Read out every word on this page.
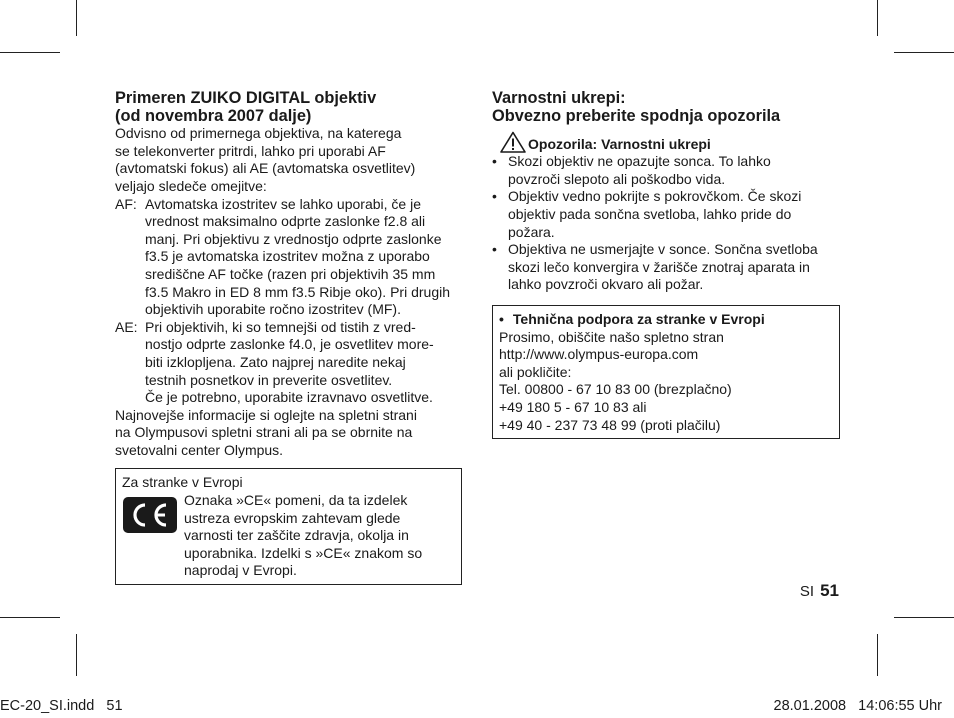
Primeren ZUIKO DIGITAL objektiv
(od novembra 2007 dalje)

Odvisno od primernega objektiva, na katerega
se telekonverter pritrdi, lahko pri uporabi AF
(avtomatski fokus) ali AE (avtomatska osvetlitev)
veljajo sledeče omejitve:

AF: Avtomatska izostritev se lahko uporabi, če je
vrednost maksimalno odprte zaslonke f2.8 ali
manj. Pri objektivu z vrednostjo odprte zaslonke
f3.5 je avtomatska izostritev možna z uporabo
središčne AF točke (razen pri objektivih 35 mm
f3.5 Makro in ED 8 mm f3.5 Ribje oko). Pri drugih
objektivih uporabite ročno izostritev (MF).
AE: Pri objektivih, ki so temnejši od tistih z vred-
nostjo odprte zaslonke f4.0, je osvetlitev more-
biti izklopljena. Zato najprej naredite nekaj
testnih posnetkov in preverite osvetlitev.
Če je potrebno, uporabite izravnavo osvetlitve.

Najnovejše informacije si oglejte na spletni strani
na Olympusovi spletni strani ali pa se obrnite na
svetovalni center Olympus.

Za stranke v Evropi

Oznaka »CE« pomeni, da ta izdelek
ustreza evropskim zahtevam glede
varnosti ter zaščite zdravja, okolja in
uporabnika. Izdelki s »CE« znakom so
naprodaj v Evropi.

Varnostni ukrepi:
Obvezno preberite spodnja opozorila
Opozorila: Varnostni ukrepi
• Skozi objektiv ne opazujte sonca. To lahko
povzroči slepoto ali poškodbo vida.
• Objektiv vedno pokrijte s pokrovčkom. Če skozi
objektiv pada sončna svetloba, lahko pride do
požara.
• Objektiva ne usmerjajte v sonce. Sončna svetloba
skozi lečo konvergira v žarišče znotraj aparata in
lahko povzroči okvaro ali požar.

• Tehnična podpora za stranke v Evropi

Prosimo, obiščite našo spletno stran
http://www.olympus-europa.com
ali pokličite:
Tel. 00800 - 67 10 83 00 (brezplačno)
+49 180 5 - 67 10 83 ali
+49 40 - 237 73 48 99 (proti plačilu)

SI 51
EC-20_SI.indd   51	28.01.2008   14:06:55 Uhr
